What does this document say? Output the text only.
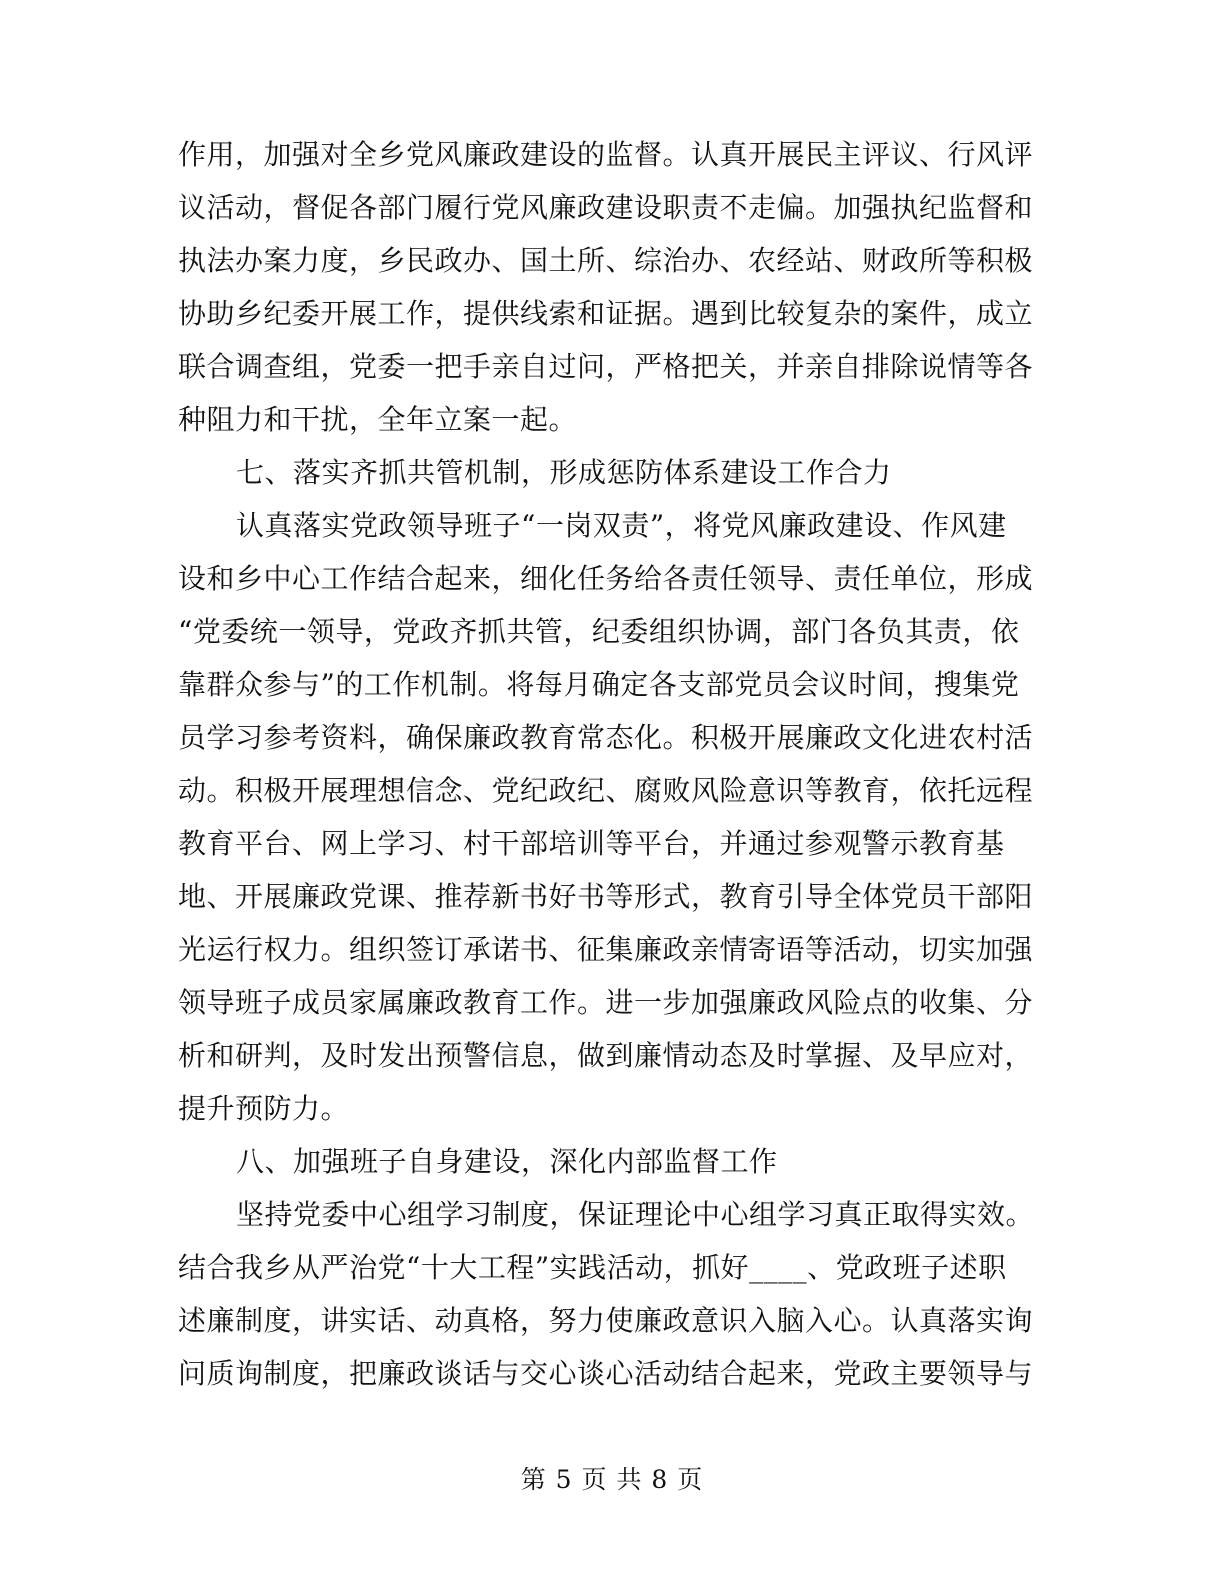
作用，加强对全乡党风廉政建设的监督。认真开展民主评议、行风评
议活动，督促各部门履行党风廉政建设职责不走偏。加强执纪监督和
执法办案力度，乡民政办、国土所、综治办、农经站、财政所等积极
协助乡纪委开展工作，提供线索和证据。遇到比较复杂的案件，成立
联合调查组，党委一把手亲自过问，严格把关，并亲自排除说情等各
种阻力和干扰，全年立案一起。
七、落实齐抓共管机制，形成惩防体系建设工作合力
认真落实党政领导班子“一岗双责”，将党风廉政建设、作风建
设和乡中心工作结合起来，细化任务给各责任领导、责任单位，形成
“党委统一领导，党政齐抓共管，纪委组织协调，部门各负其责，依
靠群众参与”的工作机制。将每月确定各支部党员会议时间，搜集党
员学习参考资料，确保廉政教育常态化。积极开展廉政文化进农村活
动。积极开展理想信念、党纪政纪、腐败风险意识等教育，依托远程
教育平台、网上学习、村干部培训等平台，并通过参观警示教育基
地、开展廉政党课、推荐新书好书等形式，教育引导全体党员干部阳
光运行权力。组织签订承诺书、征集廉政亲情寄语等活动，切实加强
领导班子成员家属廉政教育工作。进一步加强廉政风险点的收集、分
析和研判，及时发出预警信息，做到廉情动态及时掌握、及早应对，
提升预防力。
八、加强班子自身建设，深化内部监督工作
坚持党委中心组学习制度，保证理论中心组学习真正取得实效。
结合我乡从严治党“十大工程”实践活动，抓好____、党政班子述职
述廉制度，讲实话、动真格，努力使廉政意识入脑入心。认真落实询
问质询制度，把廉政谈话与交心谈心活动结合起来，党政主要领导与
第 5 页 共 8 页
